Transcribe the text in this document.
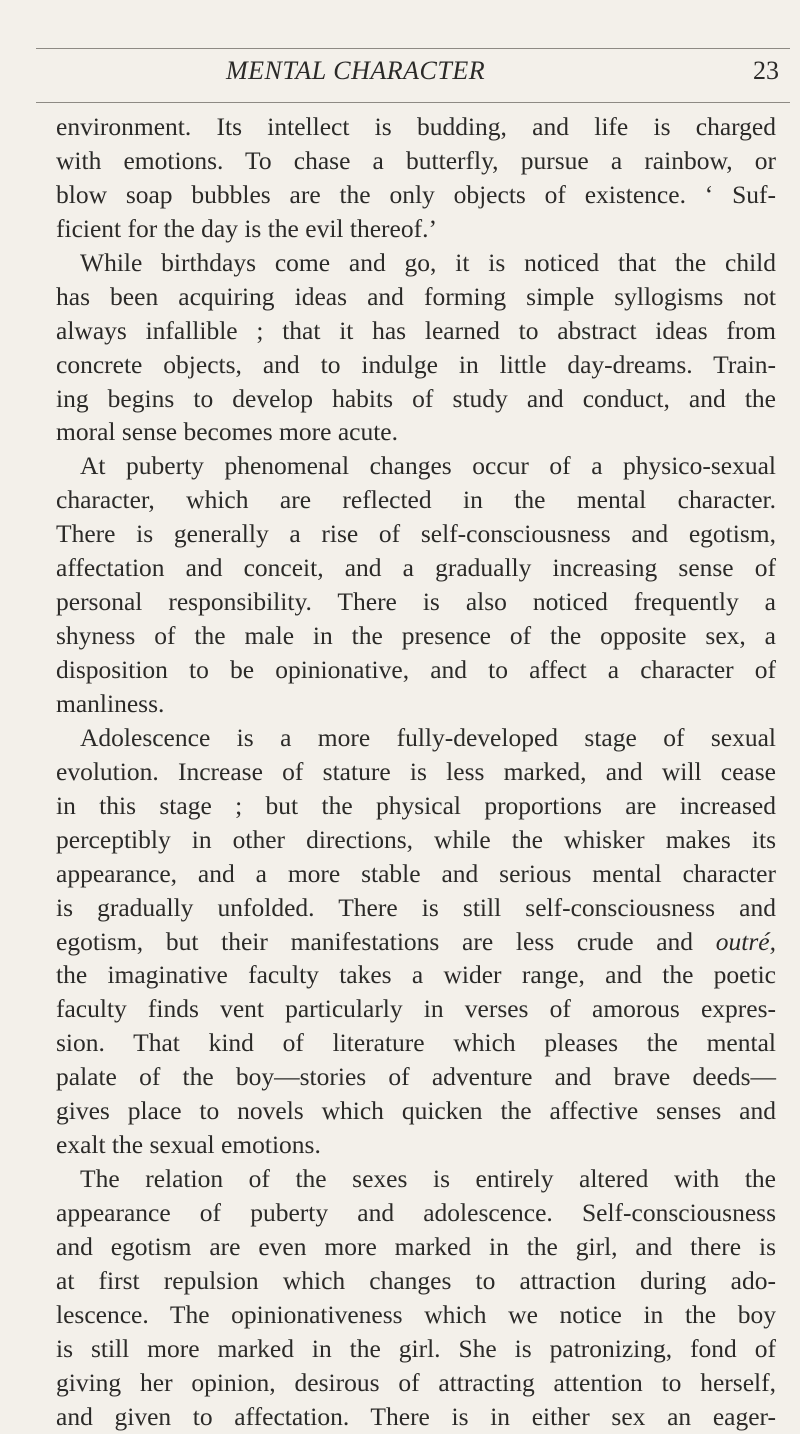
MENTAL CHARACTER	23
environment. Its intellect is budding, and life is charged
with emotions. To chase a butterfly, pursue a rainbow, or
blow soap bubbles are the only objects of existence. ‘ Suf-
ficient for the day is the evil thereof.’
While birthdays come and go, it is noticed that the child
has been acquiring ideas and forming simple syllogisms not
always infallible ; that it has learned to abstract ideas from
concrete objects, and to indulge in little day-dreams. Train-
ing begins to develop habits of study and conduct, and the
moral sense becomes more acute.
At puberty phenomenal changes occur of a physico-sexual
character, which are reflected in the mental character.
There is generally a rise of self-consciousness and egotism,
affectation and conceit, and a gradually increasing sense of
personal responsibility. There is also noticed frequently a
shyness of the male in the presence of the opposite sex, a
disposition to be opinionative, and to affect a character of
manliness.
Adolescence is a more fully-developed stage of sexual
evolution. Increase of stature is less marked, and will cease
in this stage ; but the physical proportions are increased
perceptibly in other directions, while the whisker makes its
appearance, and a more stable and serious mental character
is gradually unfolded. There is still self-consciousness and
egotism, but their manifestations are less crude and outré,
the imaginative faculty takes a wider range, and the poetic
faculty finds vent particularly in verses of amorous expres-
sion. That kind of literature which pleases the mental
palate of the boy—stories of adventure and brave deeds—
gives place to novels which quicken the affective senses and
exalt the sexual emotions.
The relation of the sexes is entirely altered with the
appearance of puberty and adolescence. Self-consciousness
and egotism are even more marked in the girl, and there is
at first repulsion which changes to attraction during ado-
lescence. The opinionativeness which we notice in the boy
is still more marked in the girl. She is patronizing, fond of
giving her opinion, desirous of attracting attention to herself,
and given to affectation. There is in either sex an eager-
